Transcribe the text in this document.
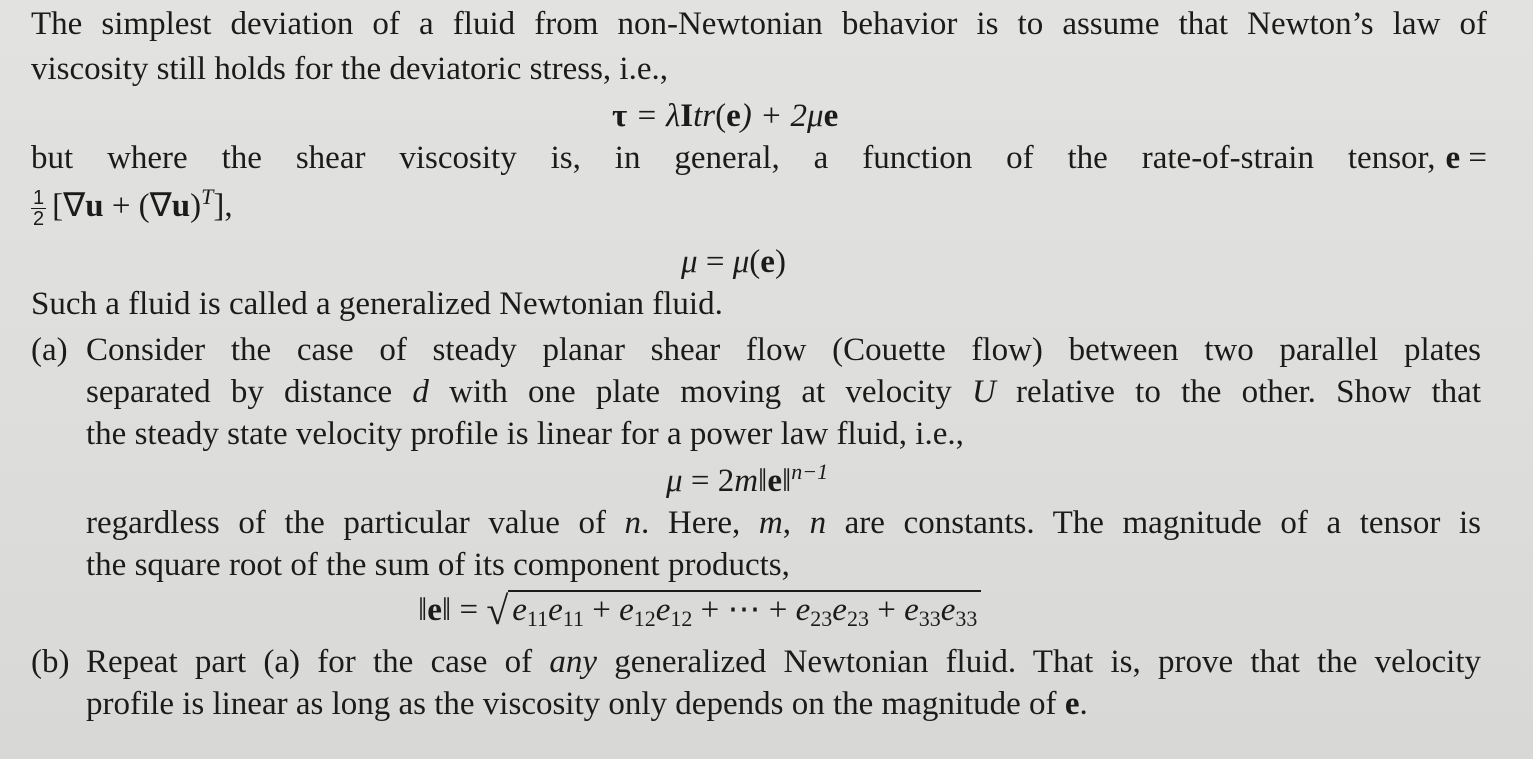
The simplest deviation of a fluid from non-Newtonian behavior is to assume that Newton’s law of
viscosity still holds for the deviatoric stress, i.e.,
τ = λItr(e) + 2μe
but where the shear viscosity is, in general, a function of the rate-of-strain tensor, e =
$\frac{1}{2} [\nabla u + (\nabla u)^T]$,
μ = μ(e)
Such a fluid is called a generalized Newtonian fluid.
(a) Consider the case of steady planar shear flow (Couette flow) between two parallel plates
separated by distance d with one plate moving at velocity U relative to the other. Show that
the steady state velocity profile is linear for a power law fluid, i.e.,
μ = 2m‖e‖$^{n-1}$
regardless of the particular value of n. Here, m, n are constants. The magnitude of a tensor is
the square root of the sum of its component products,
‖e‖ = √ $e_{11}e_{11} + e_{12}e_{12}$ + ⋯ + $e_{23}e_{23} + e_{33}e_{33}$
(b) Repeat part (a) for the case of any generalized Newtonian fluid. That is, prove that the velocity
profile is linear as long as the viscosity only depends on the magnitude of e.
